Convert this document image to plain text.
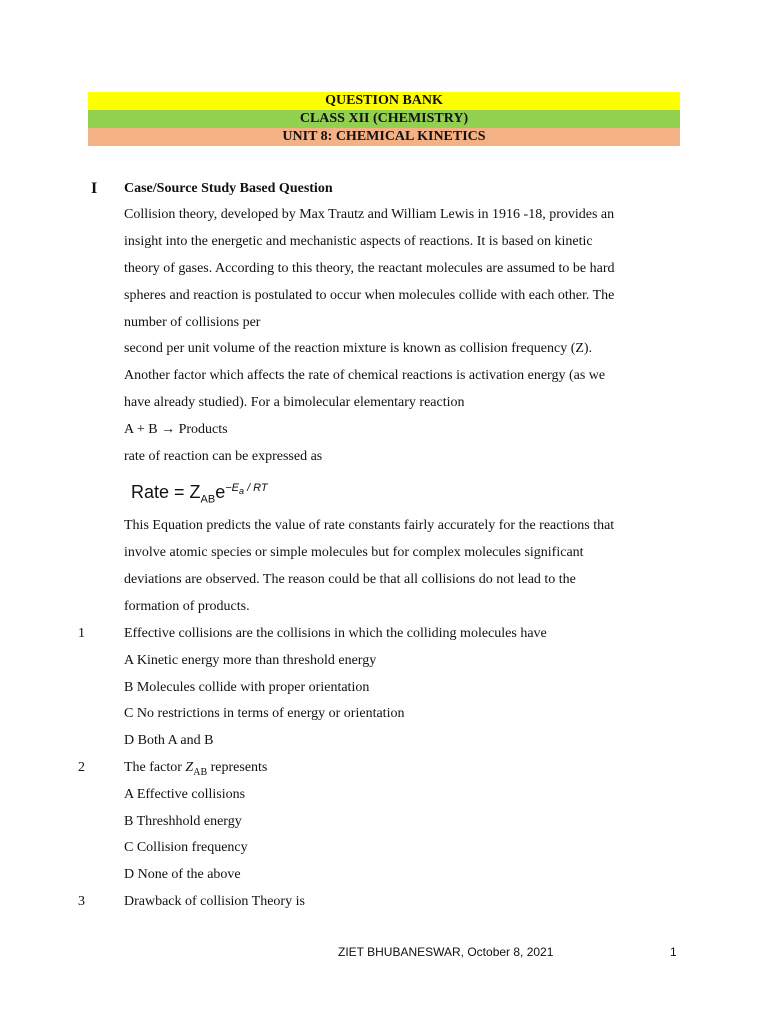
QUESTION BANK
CLASS XII (CHEMISTRY)
UNIT 8: CHEMICAL KINETICS
I Case/Source Study Based Question
Collision theory, developed by Max Trautz and William Lewis in 1916 -18, provides an
insight into the energetic and mechanistic aspects of reactions. It is based on kinetic
theory of gases. According to this theory, the reactant molecules are assumed to be hard
spheres and reaction is postulated to occur when molecules collide with each other. The
number of collisions per
second per unit volume of the reaction mixture is known as collision frequency (Z).
Another factor which affects the rate of chemical reactions is activation energy (as we
have already studied). For a bimolecular elementary reaction
A + B → Products
rate of reaction can be expressed as
Rate = $Z_{AB}e^{-E_a / RT}$
This Equation predicts the value of rate constants fairly accurately for the reactions that
involve atomic species or simple molecules but for complex molecules significant
deviations are observed. The reason could be that all collisions do not lead to the
formation of products.
1	Effective collisions are the collisions in which the colliding molecules have
A Kinetic energy more than threshold energy
B Molecules collide with proper orientation
C No restrictions in terms of energy or orientation
D Both A and B
2	The factor $Z_{AB}$ represents
A Effective collisions
B Threshhold energy
C Collision frequency
D None of the above
3	Drawback of collision Theory is
ZIET BHUBANESWAR, October 8, 2021	1
